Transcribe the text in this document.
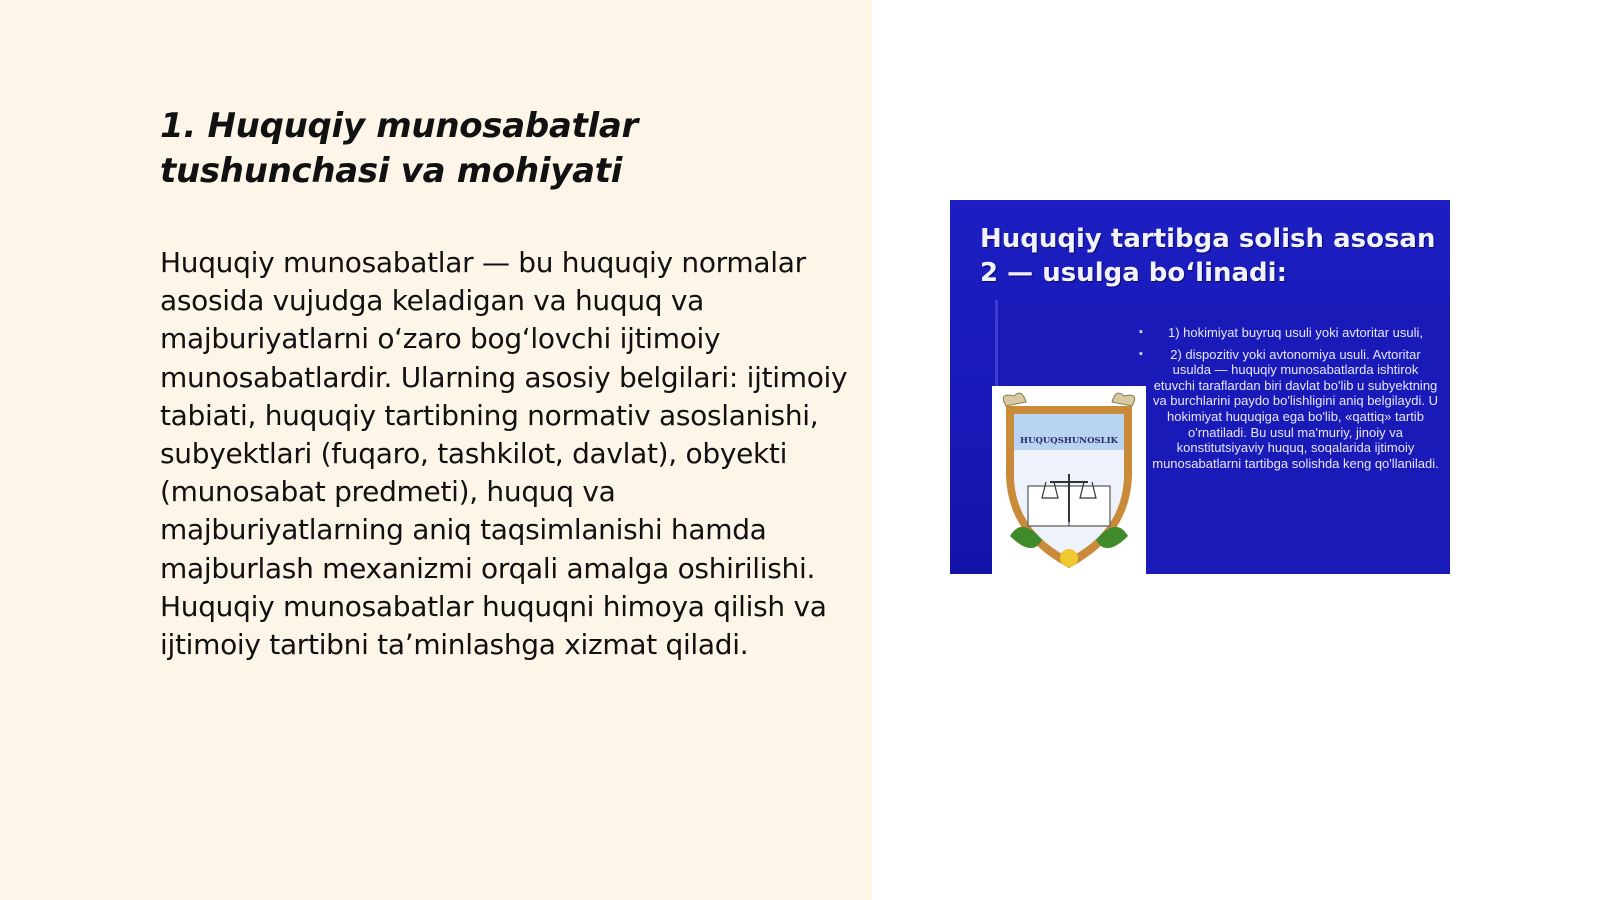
1. Huquqiy munosabatlar tushunchasi va mohiyati

Huquqiy munosabatlar — bu huquqiy normalar asosida vujudga keladigan va huquq va majburiyatlarni oʻzaro bogʻlovchi ijtimoiy munosabatlardir. Ularning asosiy belgilari: ijtimoiy tabiati, huquqiy tartibning normativ asoslanishi, subyektlari (fuqaro, tashkilot, davlat), obyekti (munosabat predmeti), huquq va majburiyatlarning aniq taqsimlanishi hamda majburlash mexanizmi orqali amalga oshirilishi. Huquqiy munosabatlar huquqni himoya qilish va ijtimoiy tartibni taʼminlashga xizmat qiladi.

Huquqiy tartibga solish asosan 2 — usulga bo‘linadi:
▪ 1) hokimiyat buyruq usuli yoki avtoritar usuli,
▪ 2) dispozitiv yoki avtonomiya usuli. Avtoritar usulda — huquqiy munosabatlarda ishtirok etuvchi taraflardan biri davlat bo'lib u subyektning va burchlarini paydo bo'lishligini aniq belgilaydi. U hokimiyat huquqiga ega bo'lib, «qattiq» tartib o'rnatiladi. Bu usul ma'muriy, jinoiy va konstitutsiyaviy huquq, soqalarida ijtimoiy munosabatlarni tartibga solishda keng qo'llaniladi.
HUQUQSHUNOSLIK
